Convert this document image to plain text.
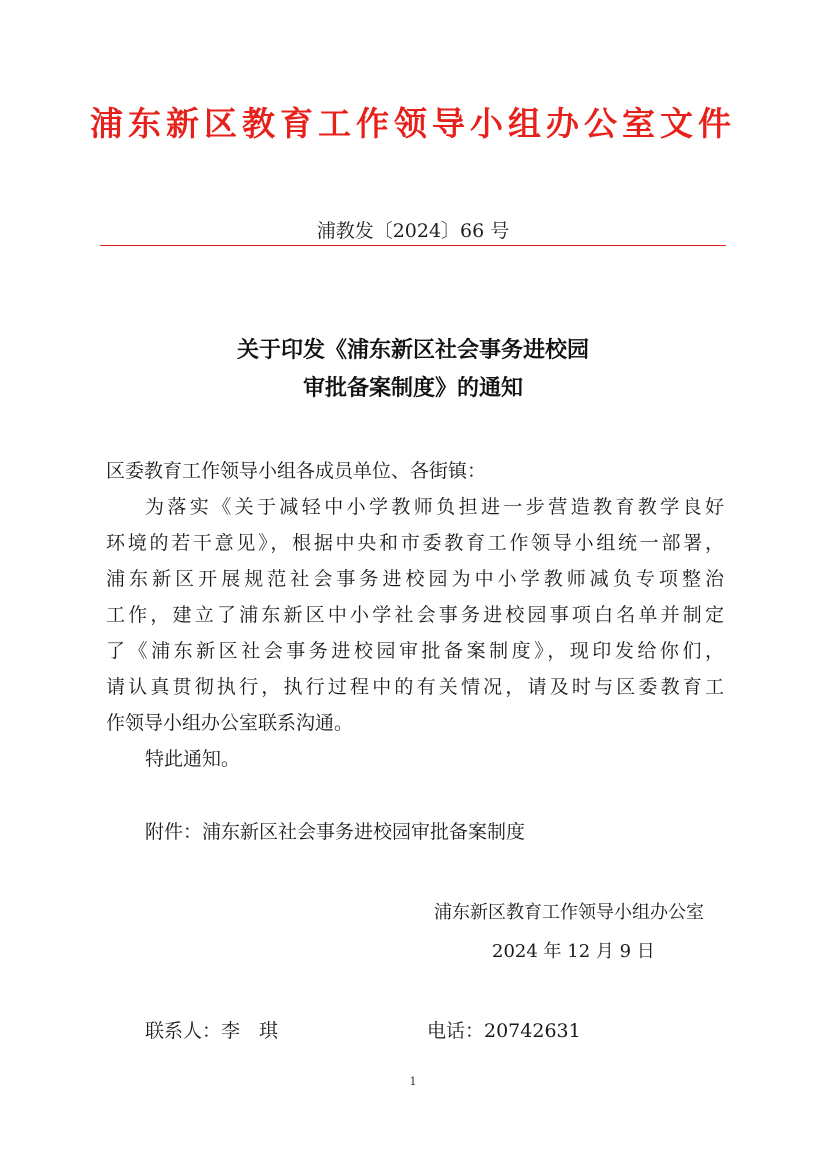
浦东新区教育工作领导小组办公室文件
浦教发〔2024〕66 号
关于印发《浦东新区社会事务进校园
审批备案制度》的通知
区委教育工作领导小组各成员单位、各街镇：
为落实《关于减轻中小学教师负担进一步营造教育教学良好
环境的若干意见》，根据中央和市委教育工作领导小组统一部署，
浦东新区开展规范社会事务进校园为中小学教师减负专项整治
工作，建立了浦东新区中小学社会事务进校园事项白名单并制定
了《浦东新区社会事务进校园审批备案制度》，现印发给你们，
请认真贯彻执行，执行过程中的有关情况，请及时与区委教育工
作领导小组办公室联系沟通。
特此通知。
附件：浦东新区社会事务进校园审批备案制度
浦东新区教育工作领导小组办公室
2024 年 12 月 9 日
联系人：李　琪	电话：20742631
1
